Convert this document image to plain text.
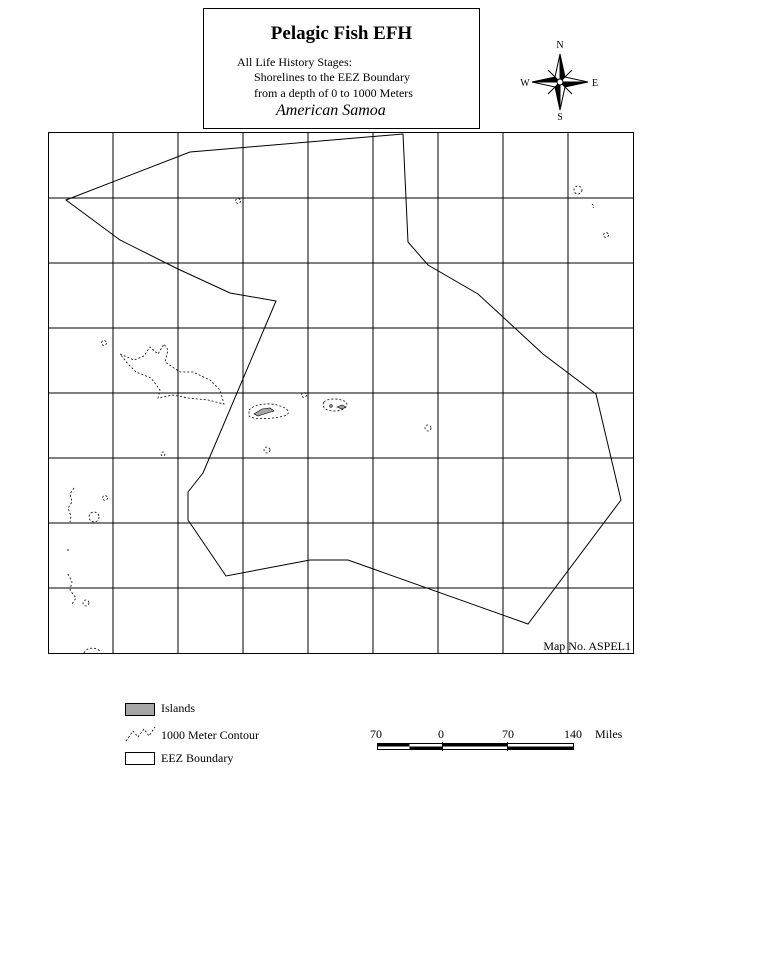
Pelagic Fish EFH
All Life History Stages:
Shorelines to the EEZ Boundary
from a depth of 0 to 1000 Meters
American Samoa
N
S
E
W
Map No. ASPEL1
Islands
1000 Meter Contour
EEZ Boundary
70	0	70	140 Miles
